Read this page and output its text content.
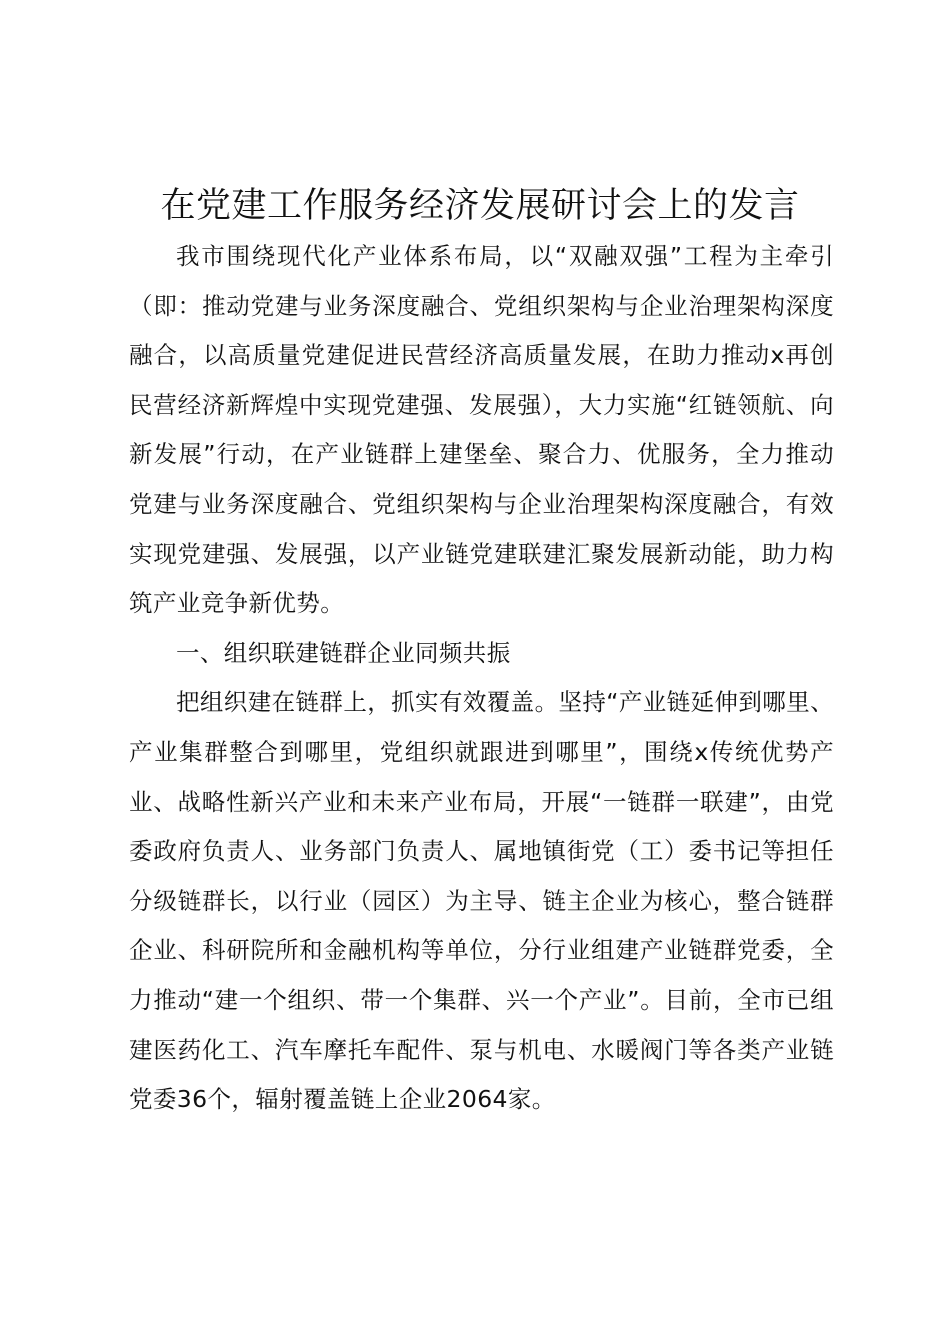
在党建工作服务经济发展研讨会上的发言

我市围绕现代化产业体系布局，以“双融双强”工程为主牵引（即：推动党建与业务深度融合、党组织架构与企业治理架构深度融合，以高质量党建促进民营经济高质量发展，在助力推动x再创民营经济新辉煌中实现党建强、发展强），大力实施“红链领航、向新发展”行动，在产业链群上建堡垒、聚合力、优服务，全力推动党建与业务深度融合、党组织架构与企业治理架构深度融合，有效实现党建强、发展强，以产业链党建联建汇聚发展新动能，助力构筑产业竞争新优势。

一、组织联建链群企业同频共振

把组织建在链群上，抓实有效覆盖。坚持“产业链延伸到哪里、产业集群整合到哪里，党组织就跟进到哪里”，围绕x传统优势产业、战略性新兴产业和未来产业布局，开展“一链群一联建”，由党委政府负责人、业务部门负责人、属地镇街党（工）委书记等担任分级链群长，以行业（园区）为主导、链主企业为核心，整合链群企业、科研院所和金融机构等单位，分行业组建产业链群党委，全力推动“建一个组织、带一个集群、兴一个产业”。目前，全市已组建医药化工、汽车摩托车配件、泵与机电、水暖阀门等各类产业链党委36个，辐射覆盖链上企业2064家。
